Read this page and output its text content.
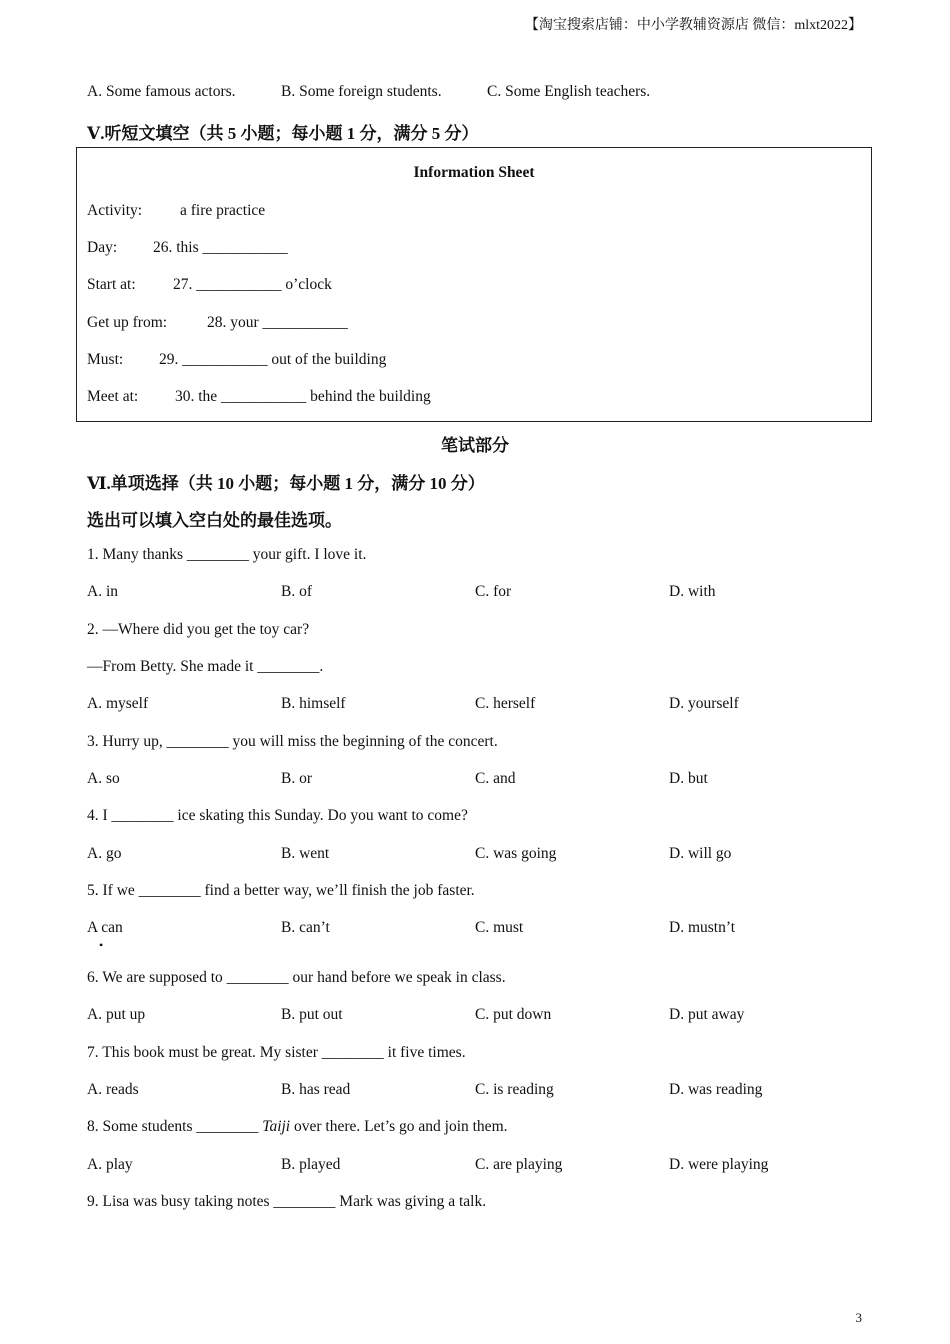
【淘宝搜索店铺：中小学教辅资源店 微信：mlxt2022】
A. Some famous actors.	B. Some foreign students.	C. Some English teachers.
Ⅴ.听短文填空（共 5 小题；每小题 1 分，满分 5 分）
Information Sheet
Activity: a fire practice
Day: 26. this ___________
Start at: 27. ___________ o’clock
Get up from:	28. your ___________
Must: 29. ___________ out of the building
Meet at: 30. the ___________ behind the building
笔试部分
Ⅵ.单项选择（共 10 小题；每小题 1 分，满分 10 分）
选出可以填入空白处的最佳选项。
1. Many thanks ________ your gift. I love it.
A. in	B. of	C. for	D. with
2. —Where did you get the toy car?
—From Betty. She made it ________.
A. myself	B. himself	C. herself	D. yourself
3. Hurry up, ________ you will miss the beginning of the concert.
A. so	B. or	C. and	D. but
4. I ________ ice skating this Sunday. Do you want to come?
A. go	B. went	C. was going	D. will go
5. If we ________ find a better way, we’ll finish the job faster.
A can
•
B. can’t	C. must	D. mustn’t
6. We are supposed to ________ our hand before we speak in class.
A. put up	B. put out	C. put down	D. put away
7. This book must be great. My sister ________ it five times.
A. reads	B. has read	C. is reading	D. was reading
8. Some students ________ Taiji over there. Let’s go and join them.
A. play	B. played	C. are playing	D. were playing
9. Lisa was busy taking notes ________ Mark was giving a talk.
3
